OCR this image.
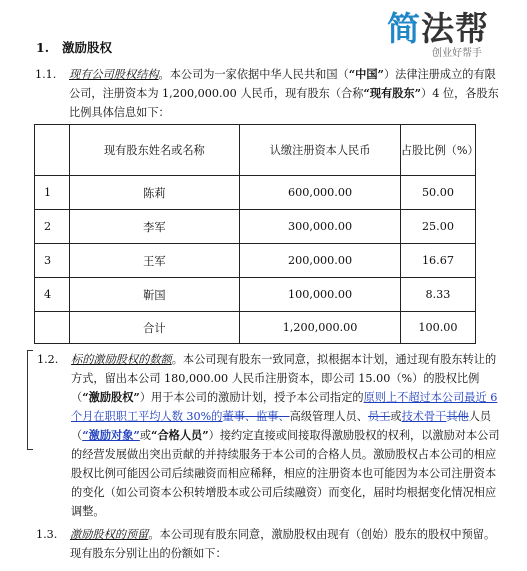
简法帮
创业好帮手
1. 激励股权
1.1. 现有公司股权结构。本公司为一家依据中华人民共和国（“中国”）法律注册成立的有限公司，注册资本为 1,200,000.00 人民币，现有股东（合称“现有股东”）4 位，各股东比例具体信息如下：
	现有股东姓名或名称	认缴注册资本人民币	占股比例（%）
1	陈莉	600,000.00	50.00
2	李军	300,000.00	25.00
3	王军	200,000.00	16.67
4	靳国	100,000.00	8.33
	合计	1,200,000.00	100.00
1.2. 标的激励股权的数额。本公司现有股东一致同意，拟根据本计划，通过现有股东转让的方式，留出本公司 180,000.00 人民币注册资本，即公司 15.00（%）的股权比例（“激励股权”）用于本公司的激励计划，授予本公司指定的原则上不超过本公司最近 6 个月在职职工平均人数 30%的董事、监事、高级管理人员、员工或技术骨干其他人员（“激励对象”或“合格人员”）接约定直接或间接取得激励股权的权利，以激励对本公司的经营发展做出突出贡献的并持续服务于本公司的合格人员。激励股权占本公司的相应股权比例可能因公司后续融资而相应稀释，相应的注册资本也可能因为本公司注册资本的变化（如公司资本公积转增股本或公司后续融资）而变化，届时均根据变化情况相应调整。
1.3. 激励股权的预留。本公司现有股东同意，激励股权由现有（创始）股东的股权中预留。现有股东分别让出的份额如下：
